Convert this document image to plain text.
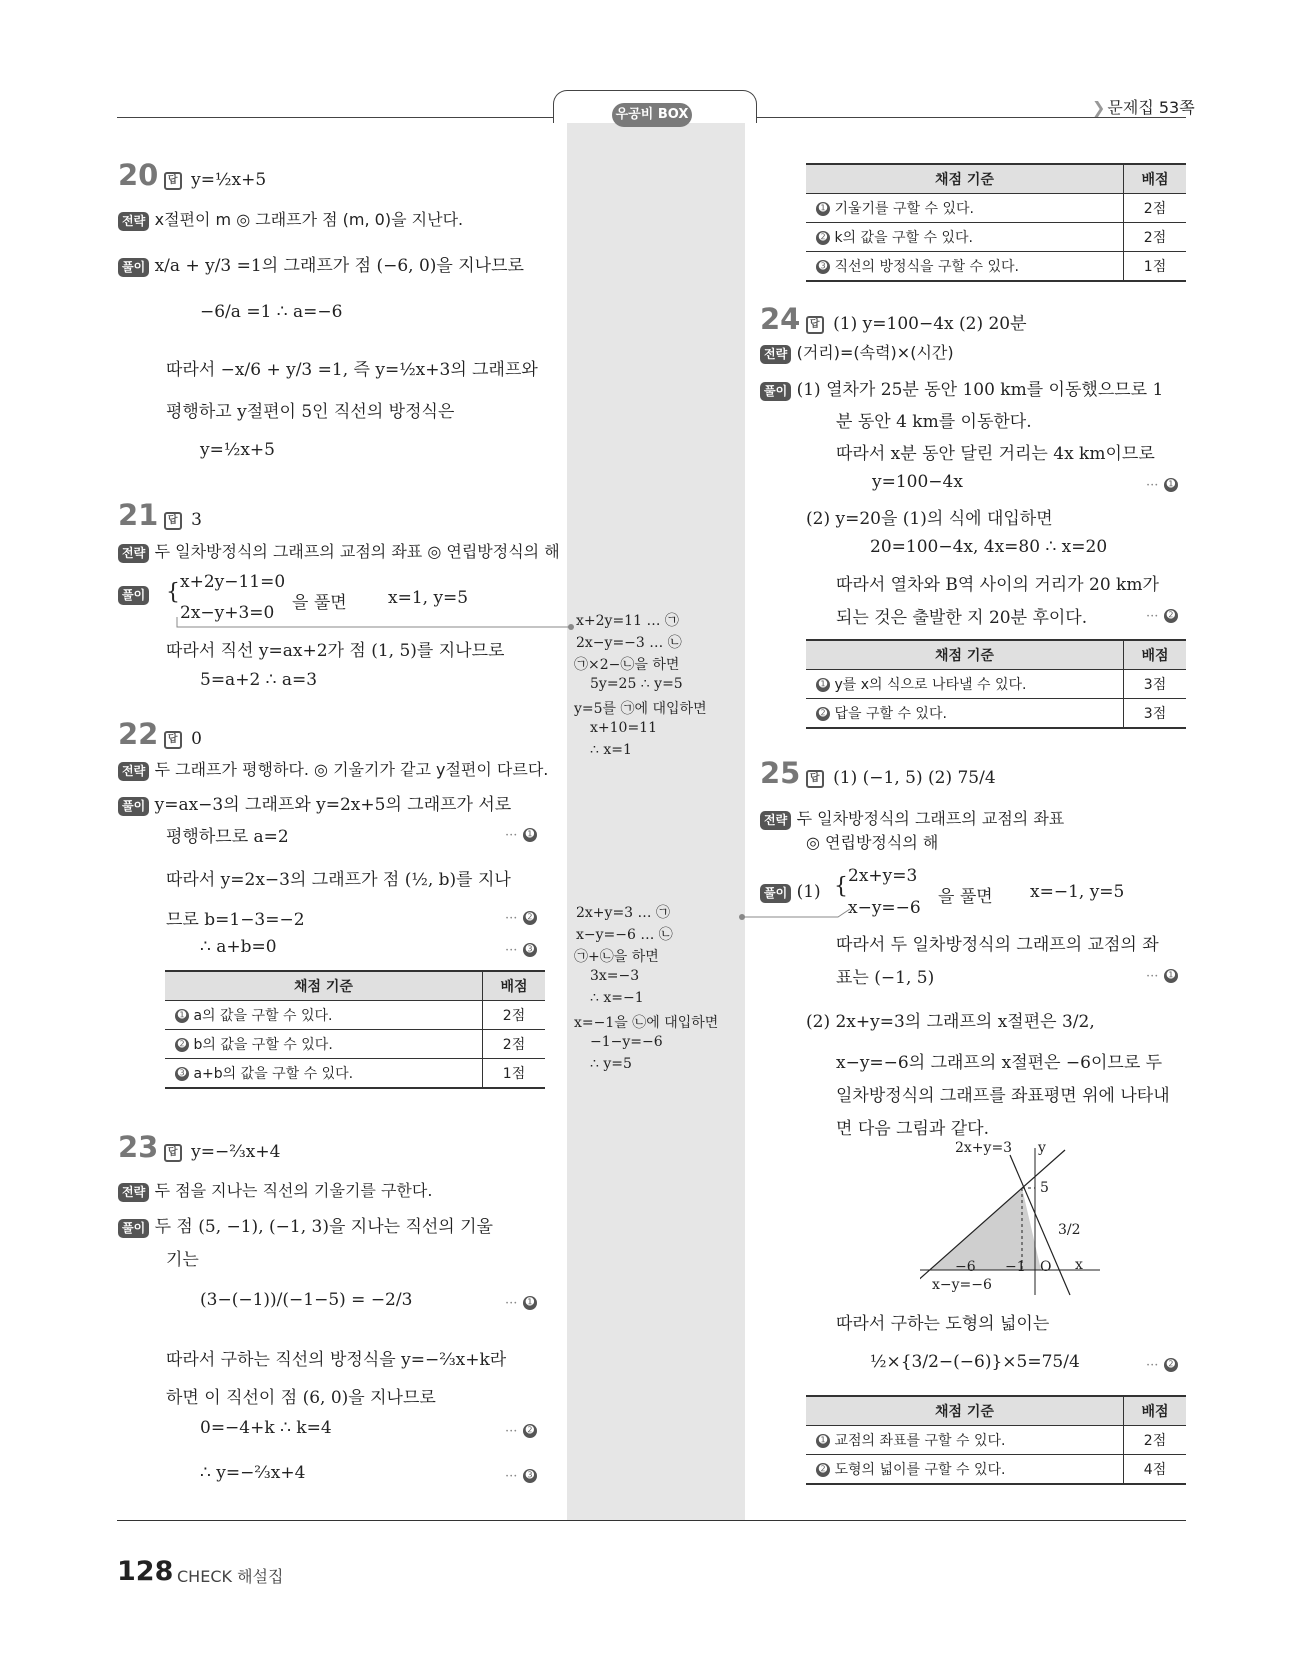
우공비 BOX	❯ 문제집 53쪽
20 답 y=½x+5
전략 x절편이 m ◎ 그래프가 점 (m, 0)을 지난다.
풀이 x/a + y/3 =1의 그래프가 점 (−6, 0)을 지나므로
−6/a =1 ∴ a=−6
따라서 −x/6 + y/3 =1, 즉 y=½x+3의 그래프와
평행하고 y절편이 5인 직선의 방정식은
y=½x+5
21 답 3
전략 두 일차방정식의 그래프의 교점의 좌표 ◎ 연립방정식의 해
풀이 { x+2y−11=0
2x−y+3=0 을 풀면 x=1, y=5
따라서 직선 y=ax+2가 점 (1, 5)를 지나므로
5=a+2 ∴ a=3
x+2y=11 … ㉠
2x−y=−3 … ㉡
㉠×2−㉡을 하면
5y=25 ∴ y=5
y=5를 ㉠에 대입하면
x+10=11
∴ x=1
22 답 0
전략 두 그래프가 평행하다. ◎ 기울기가 같고 y절편이 다르다.
풀이 y=ax−3의 그래프와 y=2x+5의 그래프가 서로
평행하므로 a=2	··· ➊
따라서 y=2x−3의 그래프가 점 (½, b)를 지나
므로 b=1−3=−2	··· ➋
∴ a+b=0	··· ➌
채점 기준	배점
➊ a의 값을 구할 수 있다.	2점
➋ b의 값을 구할 수 있다.	2점
➌ a+b의 값을 구할 수 있다.	1점
2x+y=3 … ㉠
x−y=−6 … ㉡
㉠+㉡을 하면
3x=−3
∴ x=−1
x=−1을 ㉡에 대입하면
−1−y=−6
∴ y=5
23 답 y=−⅔x+4
전략 두 점을 지나는 직선의 기울기를 구한다.
풀이 두 점 (5, −1), (−1, 3)을 지나는 직선의 기울
기는
(3−(−1))/(−1−5) = −2/3	··· ➊
따라서 구하는 직선의 방정식을 y=−⅔x+k라
하면 이 직선이 점 (6, 0)을 지나므로
0=−4+k ∴ k=4	··· ➋
∴ y=−⅔x+4	··· ➌
채점 기준	배점
➊ 기울기를 구할 수 있다.	2점
➋ k의 값을 구할 수 있다.	2점
➌ 직선의 방정식을 구할 수 있다.	1점
24 답 (1) y=100−4x (2) 20분
전략 (거리)=(속력)×(시간)
풀이 (1) 열차가 25분 동안 100 km를 이동했으므로 1
분 동안 4 km를 이동한다.
따라서 x분 동안 달린 거리는 4x km이므로
y=100−4x	··· ➊
(2) y=20을 (1)의 식에 대입하면
20=100−4x, 4x=80 ∴ x=20
따라서 열차와 B역 사이의 거리가 20 km가
되는 것은 출발한 지 20분 후이다.	··· ➋
채점 기준	배점
➊ y를 x의 식으로 나타낼 수 있다.	3점
➋ 답을 구할 수 있다.	3점
25 답 (1) (−1, 5) (2) 75/4
전략 두 일차방정식의 그래프의 교점의 좌표
◎ 연립방정식의 해
풀이 (1) { 2x+y=3
x−y=−6
을 풀면 x=−1, y=5
따라서 두 일차방정식의 그래프의 교점의 좌
표는 (−1, 5)	··· ➊
(2) 2x+y=3의 그래프의 x절편은 3/2,
x−y=−6의 그래프의 x절편은 −6이므로 두
일차방정식의 그래프를 좌표평면 위에 나타내
면 다음 그림과 같다.
2x+y=3 y
5
3/2
−6 −1 O x
x−y=−6
따라서 구하는 도형의 넓이는
½×{3/2−(−6)}×5=75/4	··· ➋
채점 기준	배점
➊ 교점의 좌표를 구할 수 있다.	2점
➋ 도형의 넓이를 구할 수 있다.	4점
128 CHECK 해설집
